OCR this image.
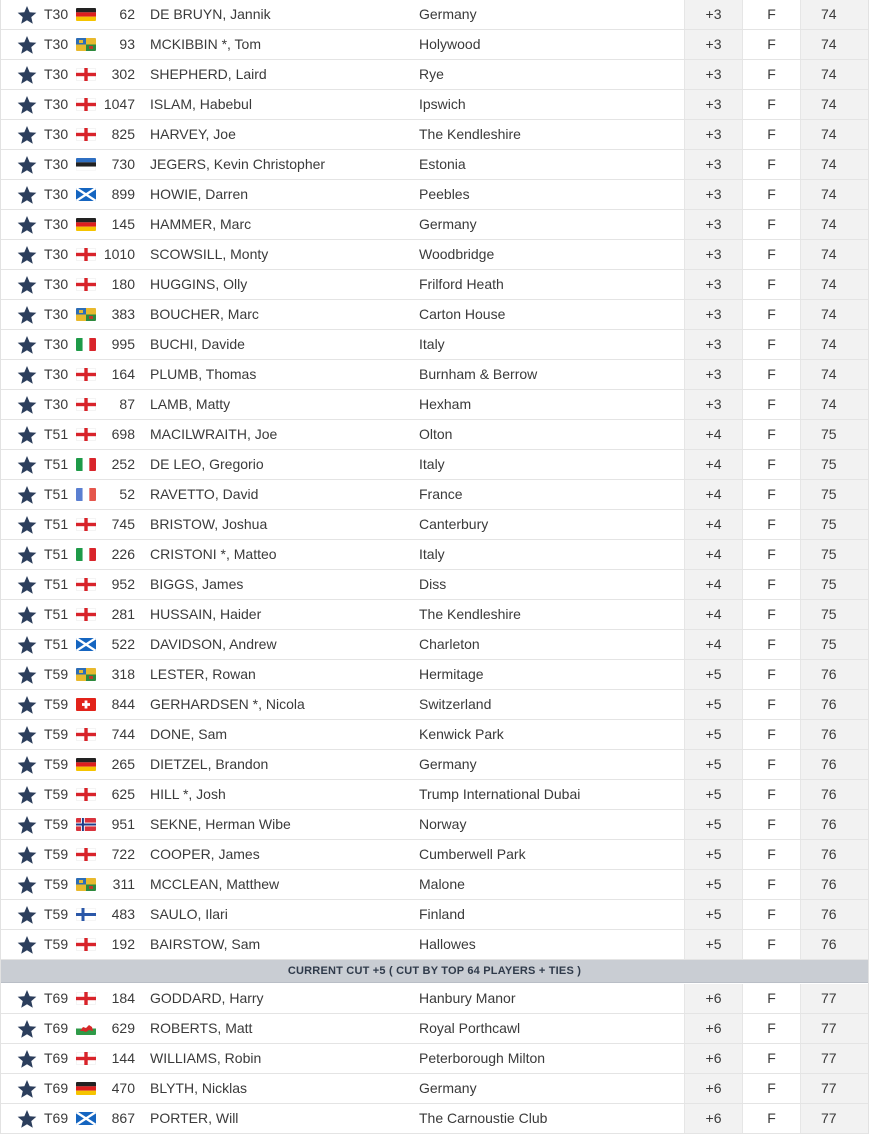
T30	62 DE BRUYN, Jannik	Germany	+3	F	74
T30	93 MCKIBBIN *, Tom	Holywood	+3	F	74
T30	302 SHEPHERD, Laird	Rye	+3	F	74
T30	1047 ISLAM, Habebul	Ipswich	+3	F	74
T30	825 HARVEY, Joe	The Kendleshire	+3	F	74
T30	730 JEGERS, Kevin Christopher	Estonia	+3	F	74
T30	899 HOWIE, Darren	Peebles	+3	F	74
T30	145 HAMMER, Marc	Germany	+3	F	74
T30	1010 SCOWSILL, Monty	Woodbridge	+3	F	74
T30	180 HUGGINS, Olly	Frilford Heath	+3	F	74
T30	383 BOUCHER, Marc	Carton House	+3	F	74
T30	995 BUCHI, Davide	Italy	+3	F	74
T30	164 PLUMB, Thomas	Burnham & Berrow	+3	F	74
T30	87 LAMB, Matty	Hexham	+3	F	74
T51	698 MACILWRAITH, Joe	Olton	+4	F	75
T51	252 DE LEO, Gregorio	Italy	+4	F	75
T51	52 RAVETTO, David	France	+4	F	75
T51	745 BRISTOW, Joshua	Canterbury	+4	F	75
T51	226 CRISTONI *, Matteo	Italy	+4	F	75
T51	952 BIGGS, James	Diss	+4	F	75
T51	281 HUSSAIN, Haider	The Kendleshire	+4	F	75
T51	522 DAVIDSON, Andrew	Charleton	+4	F	75
T59	318 LESTER, Rowan	Hermitage	+5	F	76
T59	844 GERHARDSEN *, Nicola	Switzerland	+5	F	76
T59	744 DONE, Sam	Kenwick Park	+5	F	76
T59	265 DIETZEL, Brandon	Germany	+5	F	76
T59	625 HILL *, Josh	Trump International Dubai	+5	F	76
T59	951 SEKNE, Herman Wibe	Norway	+5	F	76
T59	722 COOPER, James	Cumberwell Park	+5	F	76
T59	311 MCCLEAN, Matthew	Malone	+5	F	76
T59	483 SAULO, Ilari	Finland	+5	F	76
T59	192 BAIRSTOW, Sam	Hallowes	+5	F	76
CURRENT CUT +5 ( CUT BY TOP 64 PLAYERS + TIES )
T69	184 GODDARD, Harry	Hanbury Manor	+6	F	77
T69	629 ROBERTS, Matt	Royal Porthcawl	+6	F	77
T69	144 WILLIAMS, Robin	Peterborough Milton	+6	F	77
T69	470 BLYTH, Nicklas	Germany	+6	F	77
T69	867 PORTER, Will	The Carnoustie Club	+6	F	77
